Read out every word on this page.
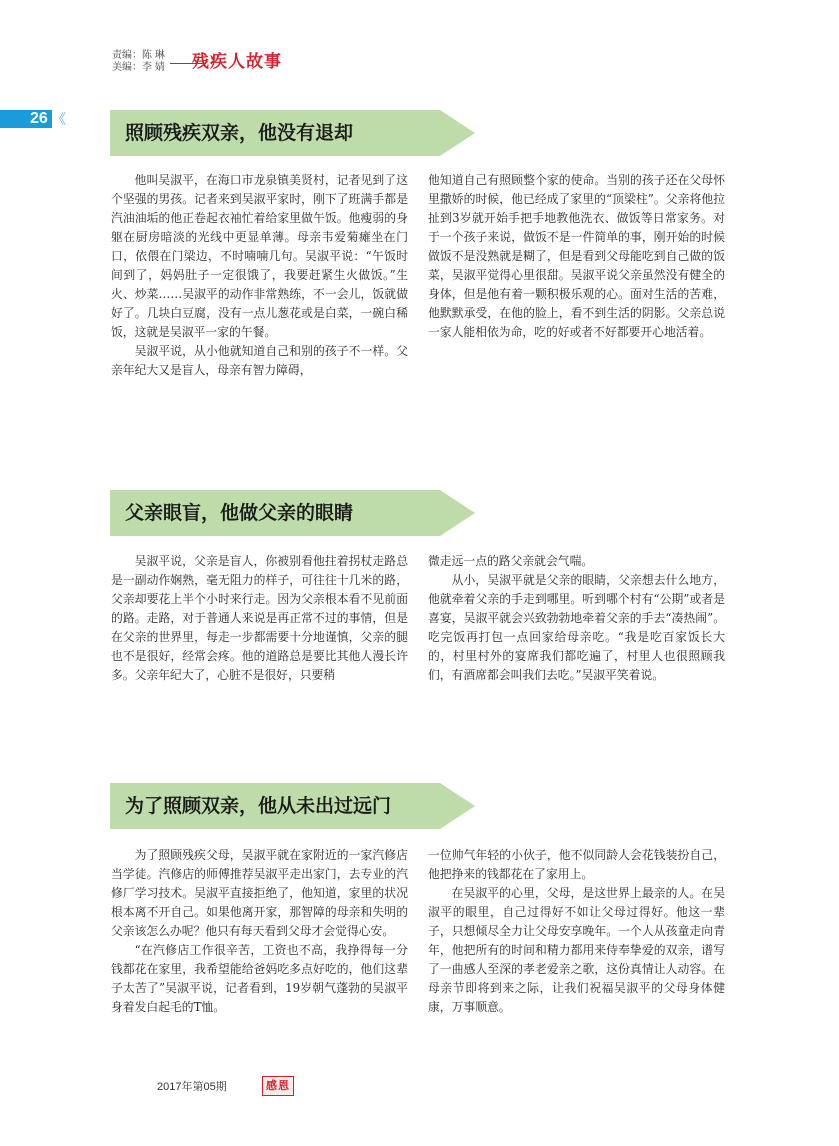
责编：陈 琳
美编：李 婧	残疾人故事
26 《
照顾残疾双亲，他没有退却

他叫吴淑平，在海口市龙泉镇美贤村，记者见到了这个坚强的男孩。记者来到吴淑平家时，刚下了班满手都是汽油油垢的他正卷起衣袖忙着给家里做午饭。他瘦弱的身躯在厨房暗淡的光线中更显单薄。母亲韦爱菊瘫坐在门口，依偎在门梁边，不时喃喃几句。吴淑平说：“午饭时间到了，妈妈肚子一定很饿了，我要赶紧生火做饭。”生火、炒菜……吴淑平的动作非常熟练，不一会儿，饭就做好了。几块白豆腐，没有一点儿葱花或是白菜，一碗白稀饭，这就是吴淑平一家的午餐。

吴淑平说，从小他就知道自己和别的孩子不一样。父亲年纪大又是盲人，母亲有智力障碍，

他知道自己有照顾整个家的使命。当别的孩子还在父母怀里撒娇的时候，他已经成了家里的“顶梁柱”。父亲将他拉扯到3岁就开始手把手地教他洗衣、做饭等日常家务。对于一个孩子来说，做饭不是一件简单的事，刚开始的时候做饭不是没熟就是糊了，但是看到父母能吃到自己做的饭菜，吴淑平觉得心里很甜。吴淑平说父亲虽然没有健全的身体，但是他有着一颗积极乐观的心。面对生活的苦难，他默默承受，在他的脸上，看不到生活的阴影。父亲总说一家人能相依为命，吃的好或者不好都要开心地活着。

父亲眼盲，他做父亲的眼睛

吴淑平说，父亲是盲人，你被别看他拄着拐杖走路总是一副动作娴熟，毫无阻力的样子，可往往十几米的路，父亲却要花上半个小时来行走。因为父亲根本看不见前面的路。走路，对于普通人来说是再正常不过的事情，但是在父亲的世界里，每走一步都需要十分地谨慎，父亲的腿也不是很好，经常会疼。他的道路总是要比其他人漫长许多。父亲年纪大了，心脏不是很好，只要稍

微走远一点的路父亲就会气喘。

从小，吴淑平就是父亲的眼睛，父亲想去什么地方，他就牵着父亲的手走到哪里。听到哪个村有“公期”或者是喜宴，吴淑平就会兴致勃勃地牵着父亲的手去“凑热闹”。吃完饭再打包一点回家给母亲吃。“我是吃百家饭长大的，村里村外的宴席我们都吃遍了，村里人也很照顾我们，有酒席都会叫我们去吃。”吴淑平笑着说。

为了照顾双亲，他从未出过远门

为了照顾残疾父母，吴淑平就在家附近的一家汽修店当学徒。汽修店的师傅推荐吴淑平走出家门，去专业的汽修厂学习技术。吴淑平直接拒绝了，他知道，家里的状况根本离不开自己。如果他离开家，那智障的母亲和失明的父亲该怎么办呢？他只有每天看到父母才会觉得心安。

“在汽修店工作很辛苦，工资也不高，我挣得每一分钱都花在家里，我希望能给爸妈吃多点好吃的，他们这辈子太苦了”吴淑平说，记者看到，19岁朝气蓬勃的吴淑平身着发白起毛的T恤。

一位帅气年轻的小伙子，他不似同龄人会花钱装扮自己，他把挣来的钱都花在了家用上。

在吴淑平的心里，父母，是这世界上最亲的人。在吴淑平的眼里，自己过得好不如让父母过得好。他这一辈子，只想倾尽全力让父母安享晚年。一个人从孩童走向青年，他把所有的时间和精力都用来侍奉挚爱的双亲，谱写了一曲感人至深的孝老爱亲之歌，这份真情让人动容。在母亲节即将到来之际，让我们祝福吴淑平的父母身体健康，万事顺意。

2017年第05期	感恩
